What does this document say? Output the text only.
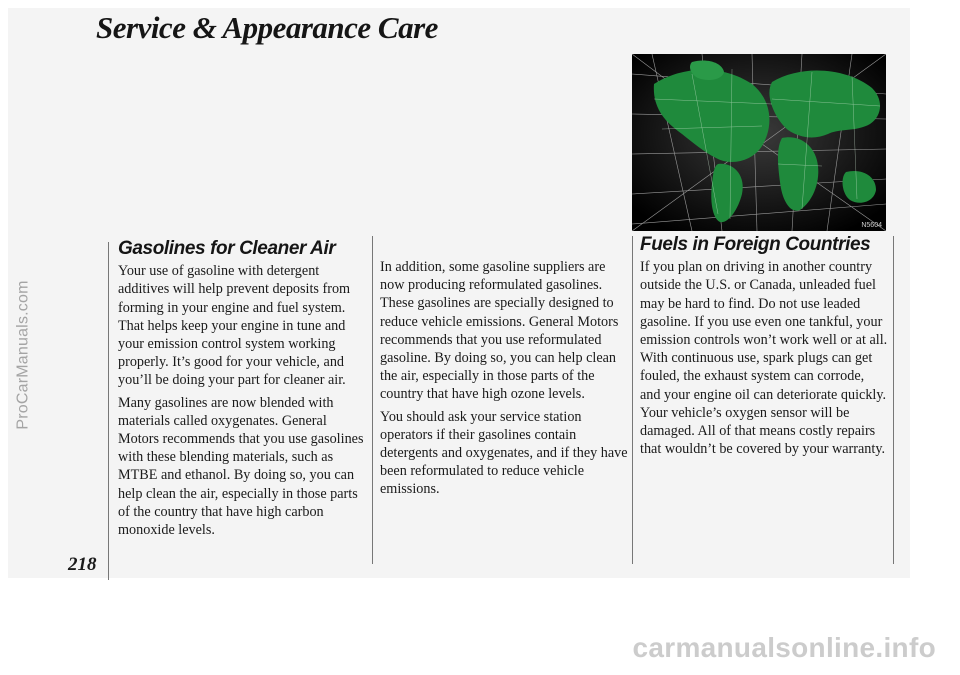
ProCarManuals.com
Service & Appearance Care
218
Gasolines for Cleaner Air

Your use of gasoline with detergent additives will help prevent deposits from forming in your engine and fuel system. That helps keep your engine in tune and your emission control system working properly. It’s good for your vehicle, and you’ll be doing your part for cleaner air.

Many gasolines are now blended with materials called oxygenates. General Motors recommends that you use gasolines with these blending materials, such as MTBE and ethanol. By doing so, you can help clean the air, especially in those parts of the country that have high carbon monoxide levels.

In addition, some gasoline suppliers are now producing reformulated gasolines. These gasolines are specially designed to reduce vehicle emissions. General Motors recommends that you use reformulated gasoline. By doing so, you can help clean the air, especially in those parts of the country that have high ozone levels.

You should ask your service station operators if their gasolines contain detergents and oxygenates, and if they have been reformulated to reduce vehicle emissions.

Fuels in Foreign Countries

If you plan on driving in another country outside the U.S. or Canada, unleaded fuel may be hard to find. Do not use leaded gasoline. If you use even one tankful, your emission controls won’t work well or at all. With continuous use, spark plugs can get fouled, the exhaust system can corrode, and your engine oil can deteriorate quickly. Your vehicle’s oxygen sensor will be damaged. All of that means costly repairs that wouldn’t be covered by your warranty.

N5604
carmanualsonline.info
